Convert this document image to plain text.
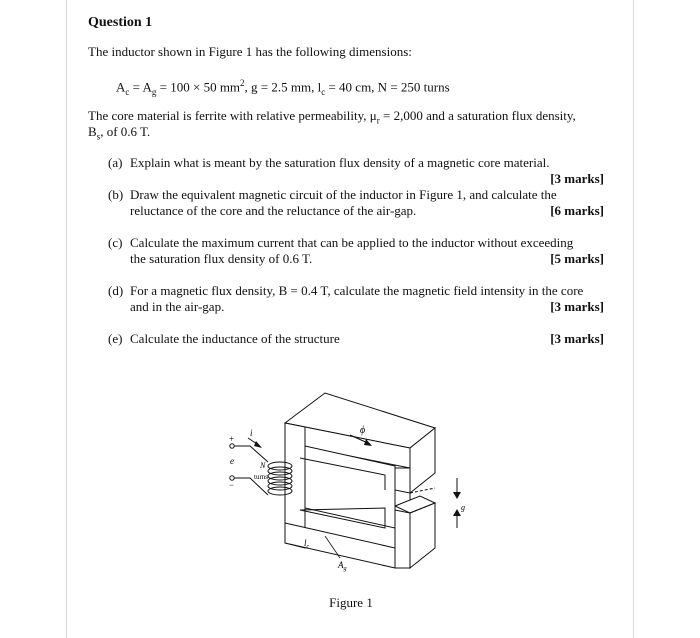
Question 1
The inductor shown in Figure 1 has the following dimensions:
$A_c = A_g = 100 \times 50$ $mm^2$, g = 2.5 mm, $l_c = 40$ cm, N = 250 turns
The core material is ferrite with relative permeability, $\mu_r = 2,000$ and a saturation flux density,
$B_s$, of 0.6 T.
(a) Explain what is meant by the saturation flux density of a magnetic core material.
[3 marks]
(b) Draw the equivalent magnetic circuit of the inductor in Figure 1, and calculate the
reluctance of the core and the reluctance of the air-gap.	[6 marks]
(c) Calculate the maximum current that can be applied to the inductor without exceeding
the saturation flux density of 0.6 T.	[5 marks]
(d) For a magnetic flux density, B = 0.4 T, calculate the magnetic field intensity in the core
and in the air-gap.	[3 marks]
(e) Calculate the inductance of the structure	[3 marks]
i
+
e
−
N
turns
ϕ
$l_c$
$A_g$
g
Figure 1
